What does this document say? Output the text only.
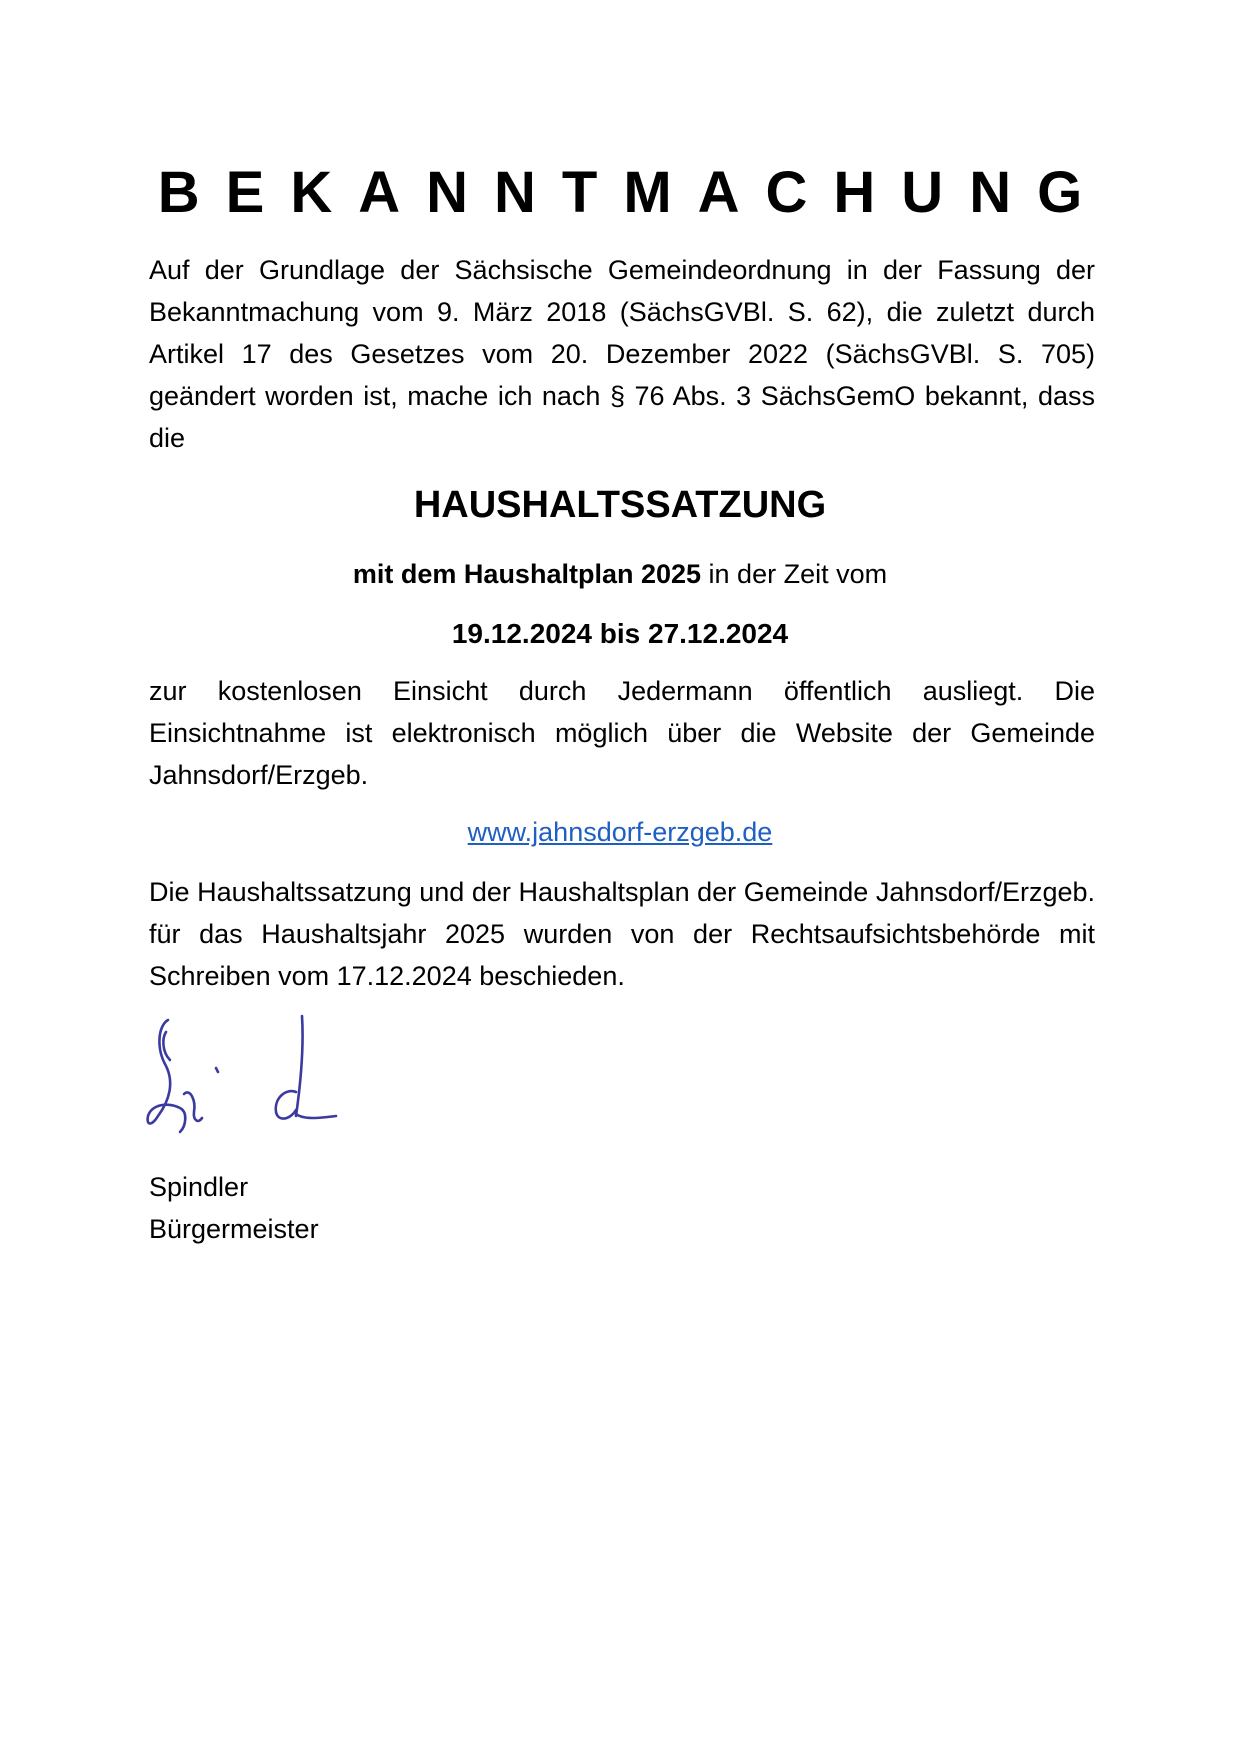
BEKANNTMACHUNG
Auf der Grundlage der Sächsische Gemeindeordnung in der Fassung der Bekanntmachung vom 9. März 2018 (SächsGVBl. S. 62), die zuletzt durch Artikel 17 des Gesetzes vom 20. Dezember 2022 (SächsGVBl. S. 705) geändert worden ist, mache ich nach § 76 Abs. 3 SächsGemO bekannt, dass die
HAUSHALTSSATZUNG
mit dem Haushaltplan 2025 in der Zeit vom
19.12.2024 bis 27.12.2024
zur kostenlosen Einsicht durch Jedermann öffentlich ausliegt. Die Einsichtnahme ist elektronisch möglich über die Website der Gemeinde Jahnsdorf/Erzgeb.
www.jahnsdorf-erzgeb.de
Die Haushaltssatzung und der Haushaltsplan der Gemeinde Jahnsdorf/Erzgeb. für das Haushaltsjahr 2025 wurden von der Rechtsaufsichtsbehörde mit Schreiben vom 17.12.2024 beschieden.
Spindler
Bürgermeister
